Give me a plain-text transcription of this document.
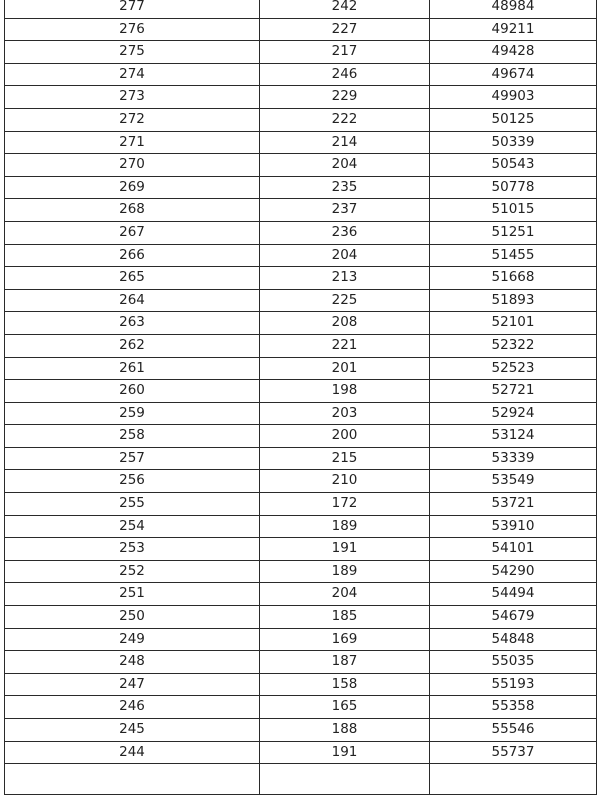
277	242	48984
276	227	49211
275	217	49428
274	246	49674
273	229	49903
272	222	50125
271	214	50339
270	204	50543
269	235	50778
268	237	51015
267	236	51251
266	204	51455
265	213	51668
264	225	51893
263	208	52101
262	221	52322
261	201	52523
260	198	52721
259	203	52924
258	200	53124
257	215	53339
256	210	53549
255	172	53721
254	189	53910
253	191	54101
252	189	54290
251	204	54494
250	185	54679
249	169	54848
248	187	55035
247	158	55193
246	165	55358
245	188	55546
244	191	55737
